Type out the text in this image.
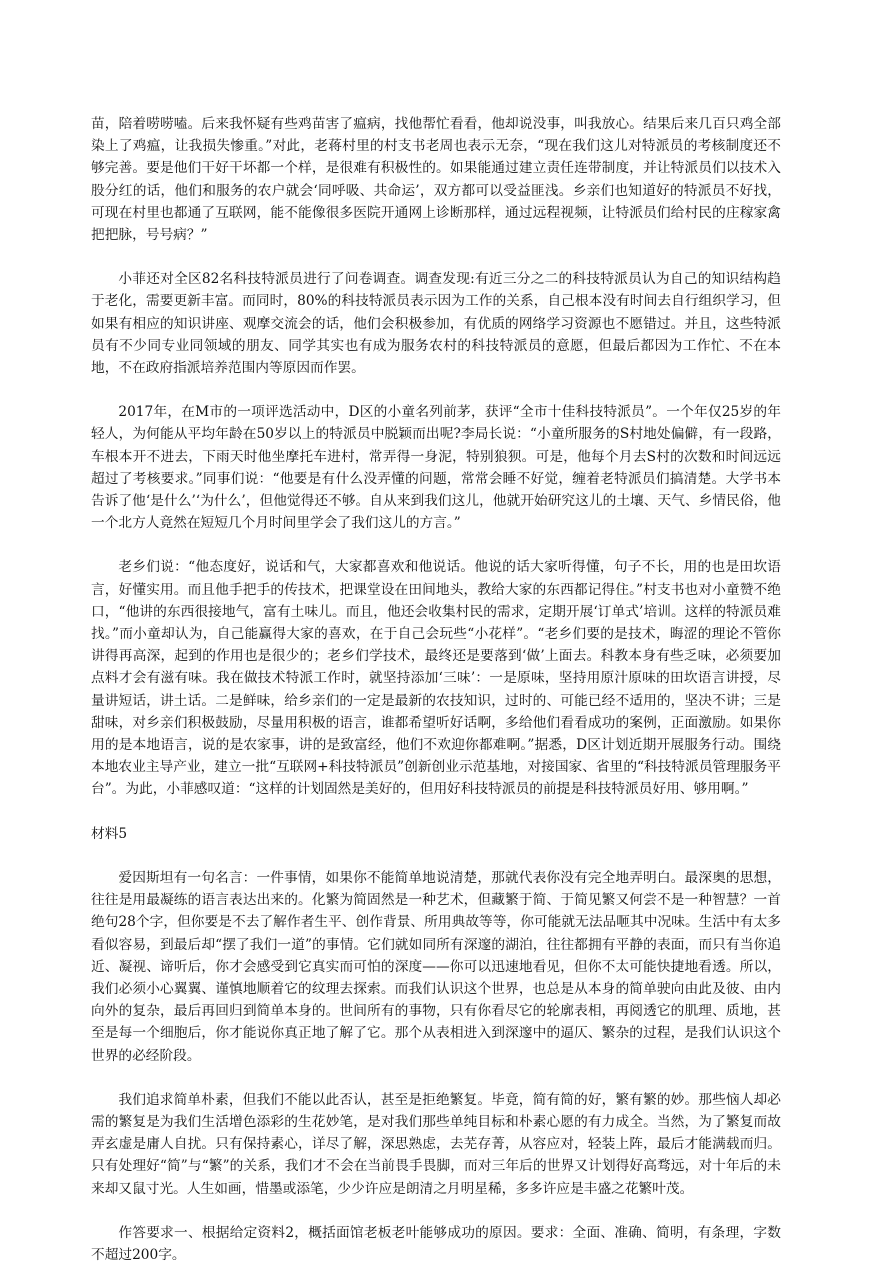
苗，陪着唠唠嗑。后来我怀疑有些鸡苗害了瘟病，找他帮忙看看，他却说没事，叫我放心。结果后来几百只鸡全部染上了鸡瘟，让我损失惨重。”对此，老蒋村里的村支书老周也表示无奈，“现在我们这儿对特派员的考核制度还不够完善。要是他们干好干坏都一个样，是很难有积极性的。如果能通过建立责任连带制度，并让特派员们以技术入股分红的话，他们和服务的农户就会‘同呼吸、共命运’，双方都可以受益匪浅。乡亲们也知道好的特派员不好找，可现在村里也都通了互联网，能不能像很多医院开通网上诊断那样，通过远程视频，让特派员们给村民的庄稼家禽把把脉，号号病？”

小菲还对全区82名科技特派员进行了问卷调查。调查发现:有近三分之二的科技特派员认为自己的知识结构趋于老化，需要更新丰富。而同时，80%的科技特派员表示因为工作的关系，自己根本没有时间去自行组织学习，但如果有相应的知识讲座、观摩交流会的话，他们会积极参加，有优质的网络学习资源也不愿错过。并且，这些特派员有不少同专业同领域的朋友、同学其实也有成为服务农村的科技特派员的意愿，但最后都因为工作忙、不在本地，不在政府指派培养范围内等原因而作罢。

2017年，在M市的一项评选活动中，D区的小童名列前茅，获评“全市十佳科技特派员”。一个年仅25岁的年轻人，为何能从平均年龄在50岁以上的特派员中脱颖而出呢?李局长说：“小童所服务的S村地处偏僻，有一段路，车根本开不进去，下雨天时他坐摩托车进村，常弄得一身泥，特别狼狈。可是，他每个月去S村的次数和时间远远超过了考核要求。”同事们说：“他要是有什么没弄懂的问题，常常会睡不好觉，缠着老特派员们搞清楚。大学书本告诉了他‘是什么’‘为什么’，但他觉得还不够。自从来到我们这儿，他就开始研究这儿的土壤、天气、乡情民俗，他一个北方人竟然在短短几个月时间里学会了我们这儿的方言。”

老乡们说：“他态度好，说话和气，大家都喜欢和他说话。他说的话大家听得懂，句子不长，用的也是田坎语言，好懂实用。而且他手把手的传技术，把课堂设在田间地头，教给大家的东西都记得住。”村支书也对小童赞不绝口，“他讲的东西很接地气，富有土味儿。而且，他还会收集村民的需求，定期开展‘订单式’培训。这样的特派员难找。”而小童却认为，自己能赢得大家的喜欢，在于自己会玩些“小花样”。“老乡们要的是技术，晦涩的理论不管你讲得再高深，起到的作用也是很少的；老乡们学技术，最终还是要落到‘做’上面去。科教本身有些乏味，必须要加点料才会有滋有味。我在做技术特派工作时，就坚持添加‘三味’：一是原味，坚持用原汁原味的田坎语言讲授，尽量讲短话，讲土话。二是鲜味，给乡亲们的一定是最新的农技知识，过时的、可能已经不适用的，坚决不讲；三是甜味，对乡亲们积极鼓励，尽量用积极的语言，谁都希望听好话啊，多给他们看看成功的案例，正面激励。如果你用的是本地语言，说的是农家事，讲的是致富经，他们不欢迎你都难啊。”据悉，D区计划近期开展服务行动。围绕本地农业主导产业，建立一批“互联网+科技特派员”创新创业示范基地，对接国家、省里的“科技特派员管理服务平台”。为此，小菲感叹道：“这样的计划固然是美好的，但用好科技特派员的前提是科技特派员好用、够用啊。”

材料5

爱因斯坦有一句名言：一件事情，如果你不能简单地说清楚，那就代表你没有完全地弄明白。最深奥的思想，往往是用最凝练的语言表达出来的。化繁为简固然是一种艺术，但藏繁于简、于简见繁又何尝不是一种智慧？一首绝句28个字，但你要是不去了解作者生平、创作背景、所用典故等等，你可能就无法品咂其中况味。生活中有太多看似容易，到最后却“摆了我们一道”的事情。它们就如同所有深邃的湖泊，往往都拥有平静的表面，而只有当你追近、凝视、谛听后，你才会感受到它真实而可怕的深度——你可以迅速地看见，但你不太可能快捷地看透。所以，我们必须小心翼翼、谨慎地顺着它的纹理去探索。而我们认识这个世界，也总是从本身的简单驶向由此及彼、由内向外的复杂，最后再回归到简单本身的。世间所有的事物，只有你看尽它的轮廓表相，再阅透它的肌理、质地，甚至是每一个细胞后，你才能说你真正地了解了它。那个从表相进入到深邃中的逼仄、繁杂的过程，是我们认识这个世界的必经阶段。

我们追求简单朴素，但我们不能以此否认，甚至是拒绝繁复。毕竟，简有简的好，繁有繁的妙。那些恼人却必需的繁复是为我们生活增色添彩的生花妙笔，是对我们那些单纯目标和朴素心愿的有力成全。当然，为了繁复而故弄玄虚是庸人自扰。只有保持素心，详尽了解，深思熟虑，去芜存菁，从容应对，轻装上阵，最后才能满载而归。只有处理好“简”与“繁”的关系，我们才不会在当前畏手畏脚，而对三年后的世界又计划得好高骛远，对十年后的未来却又鼠寸光。人生如画，惜墨或添笔，少少许应是朗清之月明星稀，多多许应是丰盛之花繁叶茂。

作答要求一、根据给定资料2，概括面馆老板老叶能够成功的原因。要求：全面、准确、简明，有条理，字数不超过200字。
